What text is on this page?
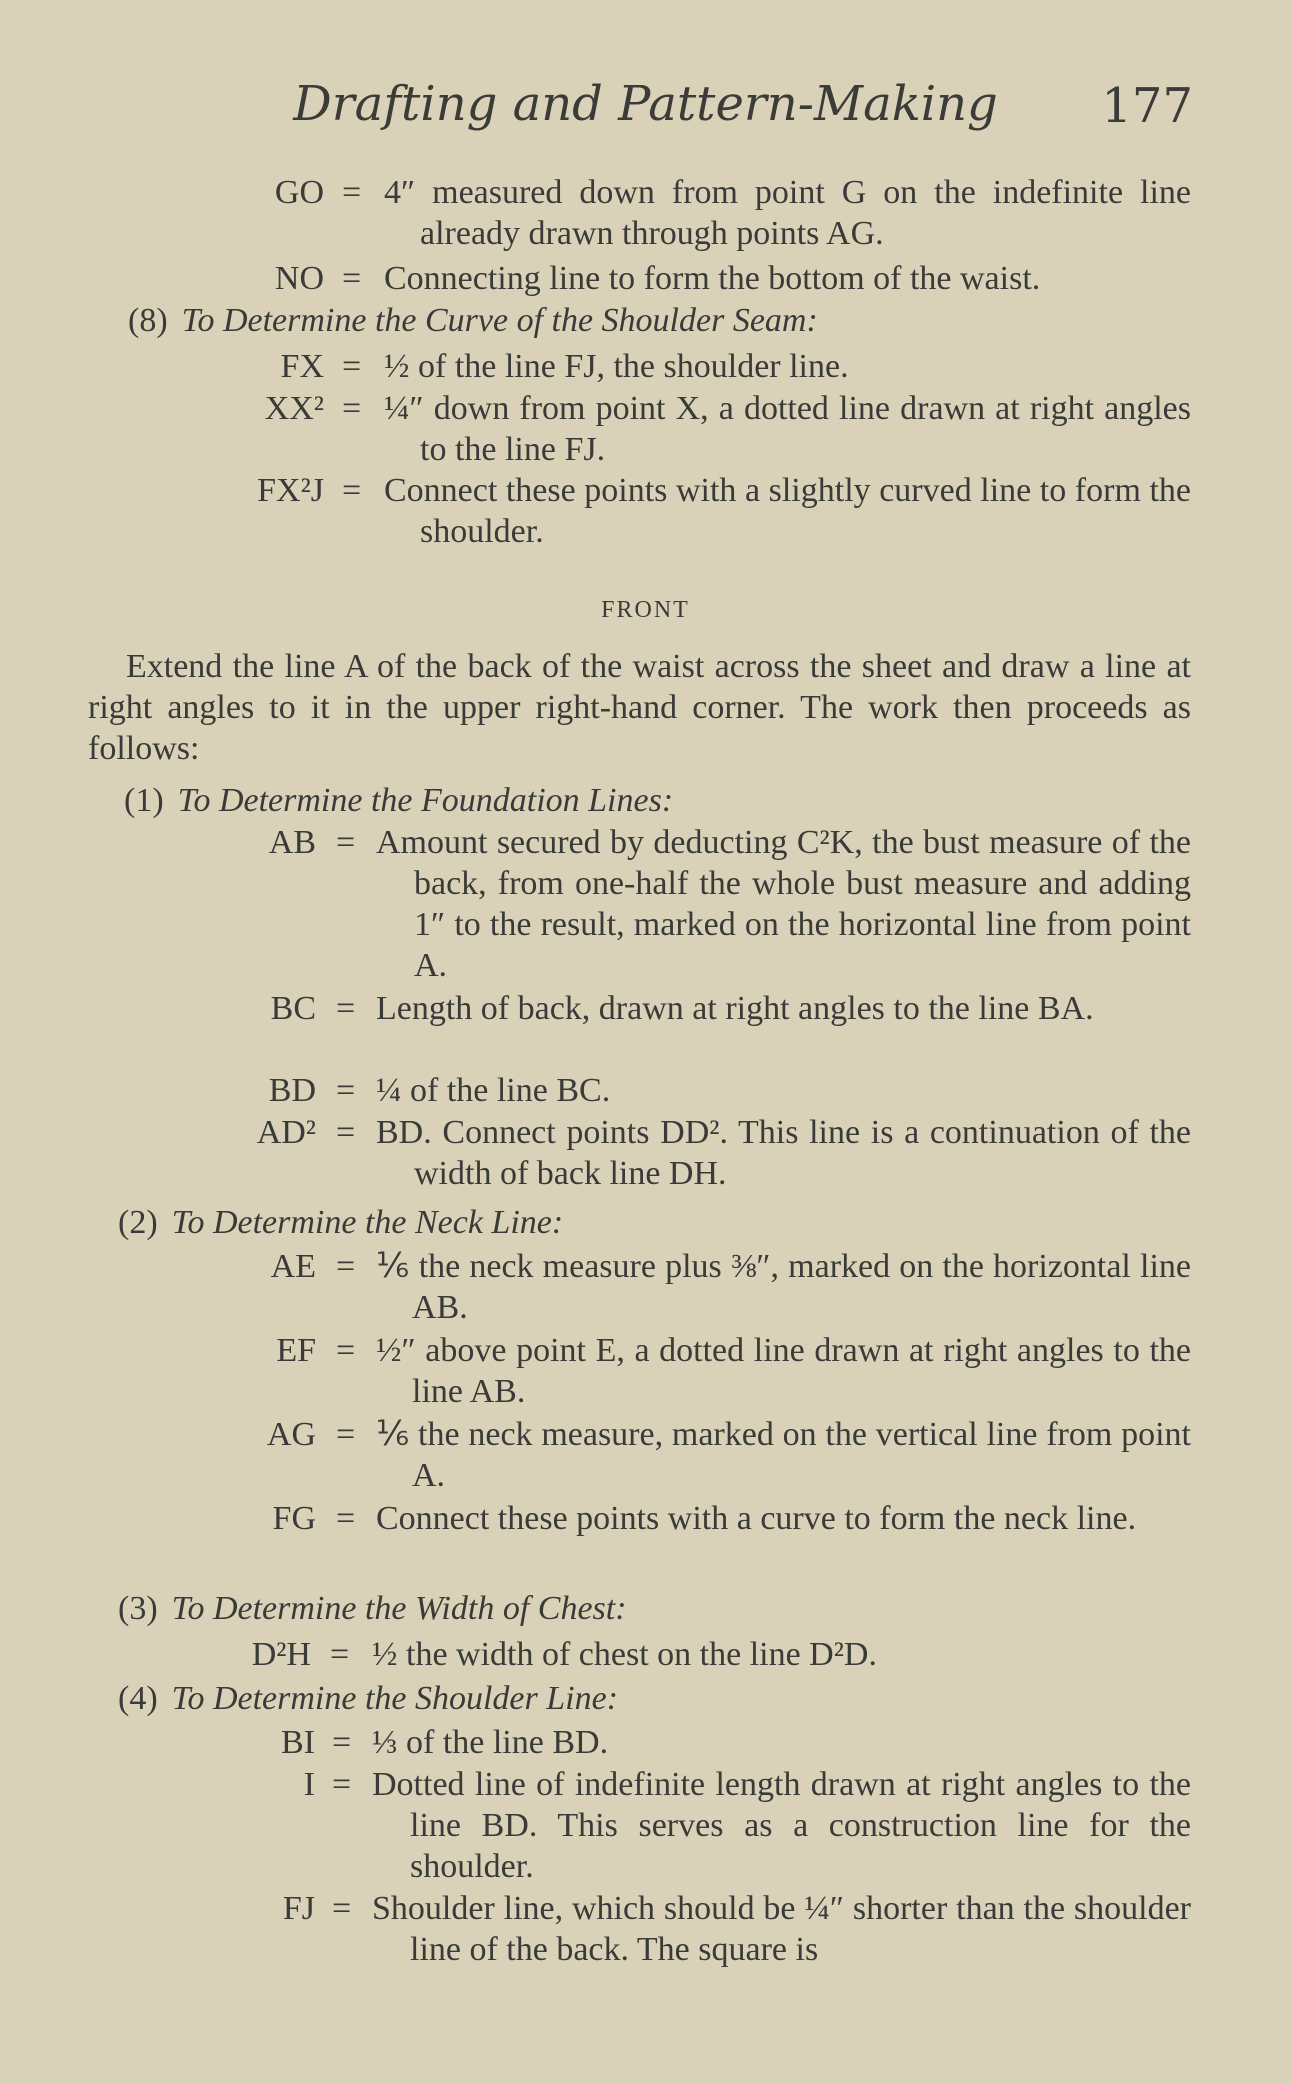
Drafting and Pattern-Making	177
GO = 4″ measured down from point G on the indefinite line already drawn through points AG.
NO = Connecting line to form the bottom of the waist.
(8) To Determine the Curve of the Shoulder Seam:
FX = ½ of the line FJ, the shoulder line.
XX² = ¼″ down from point X, a dotted line drawn at right angles to the line FJ.
FX²J = Connect these points with a slightly curved line to form the shoulder.
FRONT
Extend the line A of the back of the waist across the sheet and draw a line at right angles to it in the upper right-hand corner. The work then proceeds as follows:
(1) To Determine the Foundation Lines:
AB = Amount secured by deducting C²K, the bust measure of the back, from one-half the whole bust measure and adding 1″ to the result, marked on the horizontal line from point A.
BC = Length of back, drawn at right angles to the line BA.
BD = ¼ of the line BC.
AD² = BD. Connect points DD². This line is a continuation of the width of back line DH.
(2) To Determine the Neck Line:
AE = ⅙ the neck measure plus ⅜″, marked on the horizontal line AB.
EF = ½″ above point E, a dotted line drawn at right angles to the line AB.
AG = ⅙ the neck measure, marked on the vertical line from point A.
FG = Connect these points with a curve to form the neck line.
(3) To Determine the Width of Chest:
D²H = ½ the width of chest on the line D²D.
(4) To Determine the Shoulder Line:
BI = ⅓ of the line BD.
I = Dotted line of indefinite length drawn at right angles to the line BD. This serves as a construction line for the shoulder.
FJ = Shoulder line, which should be ¼″ shorter than the shoulder line of the back. The square is
